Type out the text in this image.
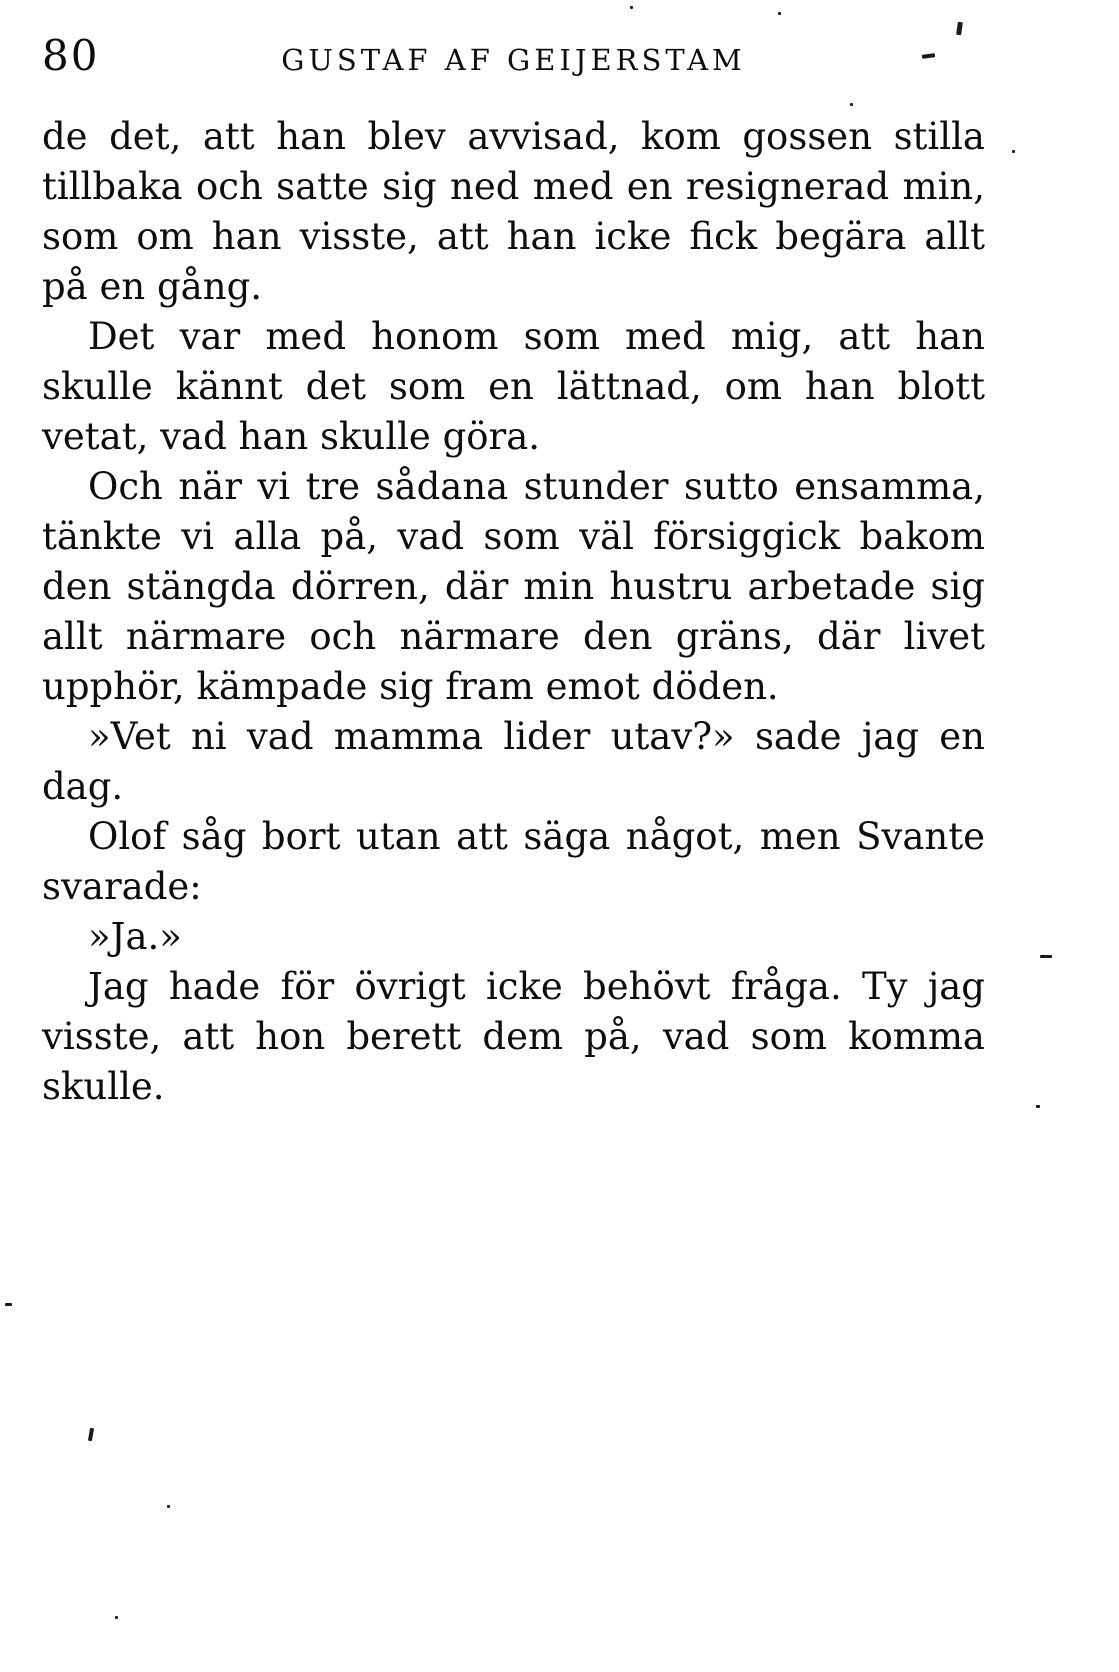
80	GUSTAF AF GEIJERSTAM
de det, att han blev avvisad, kom gossen stilla
tillbaka och satte sig ned med en resignerad min,
som om han visste, att han icke fick begära allt
på en gång.
Det var med honom som med mig, att han
skulle kännt det som en lättnad, om han blott
vetat, vad han skulle göra.
Och när vi tre sådana stunder sutto ensamma,
tänkte vi alla på, vad som väl försiggick bakom
den stängda dörren, där min hustru arbetade sig
allt närmare och närmare den gräns, där livet
upphör, kämpade sig fram emot döden.
»Vet ni vad mamma lider utav?» sade jag en
dag.
Olof såg bort utan att säga något, men Svante
svarade:
»Ja.»
Jag hade för övrigt icke behövt fråga. Ty jag
visste, att hon berett dem på, vad som komma
skulle.
